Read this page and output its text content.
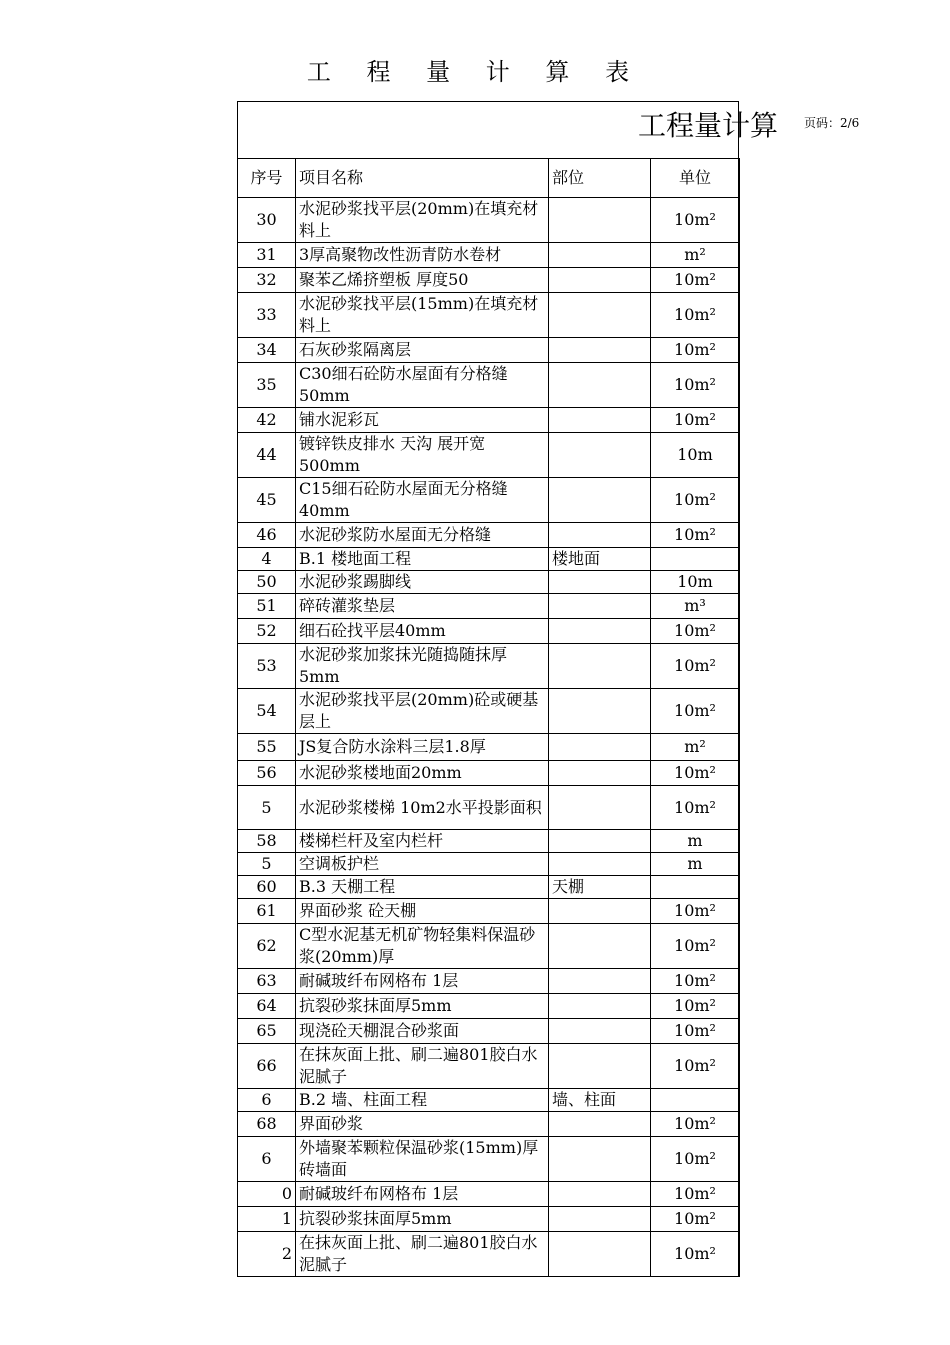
工 程 量 计 算 表
工程量计算 页码：2/6
序号	项目名称	部位	单位
30	水泥砂浆找平层(20mm)在填充材料上		10m²
31	3厚高聚物改性沥青防水卷材		m²
32	聚苯乙烯挤塑板 厚度50		10m²
33	水泥砂浆找平层(15mm)在填充材料上		10m²
34	石灰砂浆隔离层		10m²
35	C30细石砼防水屋面有分格缝50mm		10m²
42	铺水泥彩瓦		10m²
44	镀锌铁皮排水 天沟 展开宽500mm		10m
45	C15细石砼防水屋面无分格缝40mm		10m²
46	水泥砂浆防水屋面无分格缝		10m²
4	B.1 楼地面工程	楼地面	
50	水泥砂浆踢脚线		10m
51	碎砖灌浆垫层		m³
52	细石砼找平层40mm		10m²
53	水泥砂浆加浆抹光随捣随抹厚5mm		10m²
54	水泥砂浆找平层(20mm)砼或硬基层上		10m²
55	JS复合防水涂料三层1.8厚		m²
56	水泥砂浆楼地面20mm		10m²
5	水泥砂浆楼梯 10m2水平投影面积		10m²
58	楼梯栏杆及室内栏杆		m
5	空调板护栏		m
60	B.3 天棚工程	天棚	
61	界面砂浆 砼天棚		10m²
62	C型水泥基无机矿物轻集料保温砂浆(20mm)厚		10m²
63	耐碱玻纤布网格布 1层		10m²
64	抗裂砂浆抹面厚5mm		10m²
65	现浇砼天棚混合砂浆面		10m²
66	在抹灰面上批、刷二遍801胶白水泥腻子		10m²
6	B.2 墙、柱面工程	墙、柱面	
68	界面砂浆		10m²
6	外墙聚苯颗粒保温砂浆(15mm)厚 砖墙面		10m²
0	耐碱玻纤布网格布 1层		10m²
1	抗裂砂浆抹面厚5mm		10m²
2	在抹灰面上批、刷二遍801胶白水泥腻子		10m²
